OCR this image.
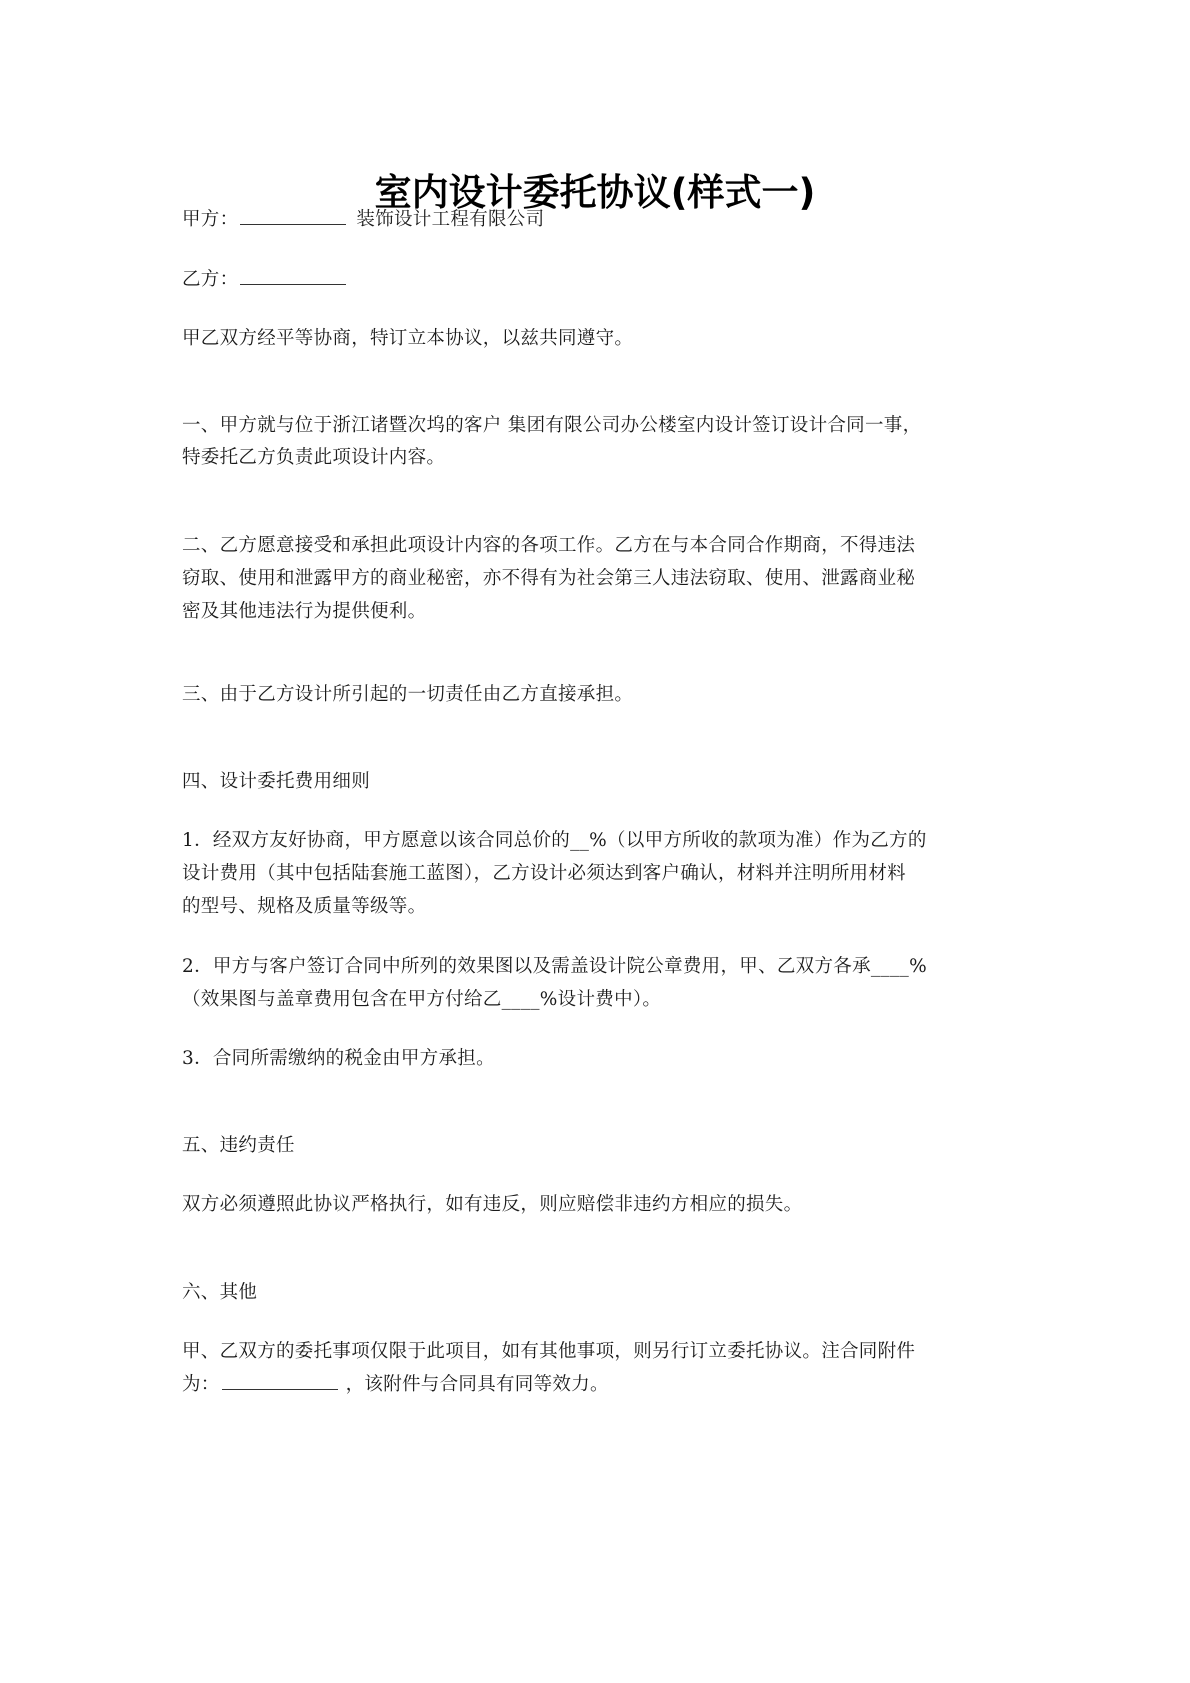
室内设计委托协议(样式一)
甲方：	装饰设计工程有限公司
乙方：
甲乙双方经平等协商，特订立本协议，以兹共同遵守。
一、甲方就与位于浙江诸暨次坞的客户 集团有限公司办公楼室内设计签订设计合同一事，
特委托乙方负责此项设计内容。
二、乙方愿意接受和承担此项设计内容的各项工作。乙方在与本合同合作期商，不得违法
窃取、使用和泄露甲方的商业秘密，亦不得有为社会第三人违法窃取、使用、泄露商业秘
密及其他违法行为提供便利。
三、由于乙方设计所引起的一切责任由乙方直接承担。
四、设计委托费用细则
1．经双方友好协商，甲方愿意以该合同总价的__%（以甲方所收的款项为准）作为乙方的
设计费用（其中包括陆套施工蓝图），乙方设计必须达到客户确认，材料并注明所用材料
的型号、规格及质量等级等。
2．甲方与客户签订合同中所列的效果图以及需盖设计院公章费用，甲、乙双方各承____%
（效果图与盖章费用包含在甲方付给乙____%设计费中）。
3．合同所需缴纳的税金由甲方承担。
五、违约责任
双方必须遵照此协议严格执行，如有违反，则应赔偿非违约方相应的损失。
六、其他
甲、乙双方的委托事项仅限于此项目，如有其他事项，则另行订立委托协议。注合同附件
为：	，该附件与合同具有同等效力。
